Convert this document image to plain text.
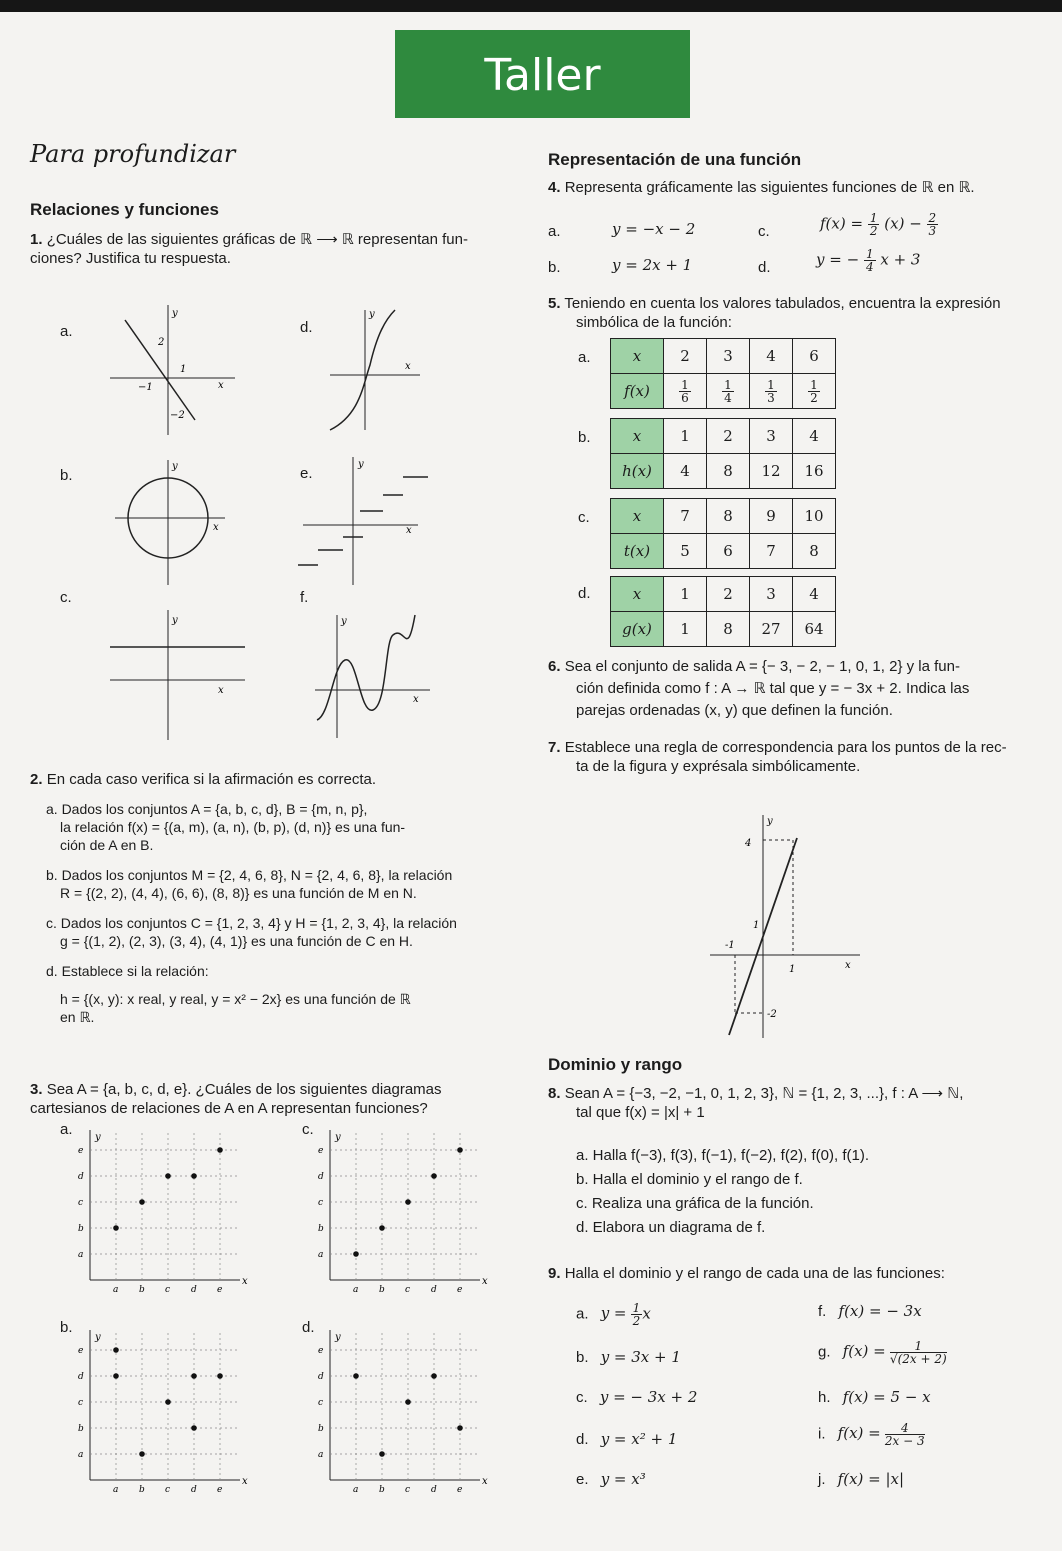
Taller
Para profundizar
Relaciones y funciones
1. ¿Cuáles de las siguientes gráficas de ℝ ⟶ ℝ representan fun-
ciones? Justifica tu respuesta.
a.
b.
c.
d.
e.
f.
y
x
2
1
−1
−2
y
x
y
x
y
x
y
x
y
x
2. En cada caso verifica si la afirmación es correcta.
a. Dados los conjuntos A = {a, b, c, d}, B = {m, n, p},
la relación f(x) = {(a, m), (a, n), (b, p), (d, n)} es una fun-
ción de A en B.
b. Dados los conjuntos M = {2, 4, 6, 8}, N = {2, 4, 6, 8}, la relación
R = {(2, 2), (4, 4), (6, 6), (8, 8)} es una función de M en N.
c. Dados los conjuntos C = {1, 2, 3, 4} y H = {1, 2, 3, 4}, la relación
g = {(1, 2), (2, 3), (3, 4), (4, 1)} es una función de C en H.
d. Establece si la relación:
h = {(x, y): x real, y real, y = x² − 2x} es una función de ℝ
en ℝ.
3. Sea A = {a, b, c, d, e}. ¿Cuáles de los siguientes diagramas
cartesianos de relaciones de A en A representan funciones?
a.
b.
c.
d.
a
a
b
b
c
c
d
d
e
e
y
x
a
a
b
b
c
c
d
d
e
e
y
x
a
a
b
b
c
c
d
d
e
e
y
x
a
a
b
b
c
c
d
d
e
e
y
x
Representación de una función
4. Representa gráficamente las siguientes funciones de ℝ en ℝ.
a.	y = −x − 2	c.	$f(x) = \frac{1}{2} (x) - \frac{2}{3}$
b.	y = 2x + 1	d.	y = − $\frac{1}{4}$ x + 3
5. Teniendo en cuenta los valores tabulados, encuentra la expresión
simbólica de la función:
a.	x	2	3	4	6
f(x)	$\frac{1}{6}$	$\frac{1}{4}$	$\frac{1}{3}$	$\frac{1}{2}$
b.	x	1	2	3	4
h(x)	4	8	12	16
c.	x	7	8	9	10
t(x)	5	6	7	8
d.	x	1	2	3	4
g(x)	1	8	27	64
6. Sea el conjunto de salida A = {− 3, − 2, − 1, 0, 1, 2} y la fun-
ción definida como f : A → ℝ tal que y = − 3x + 2. Indica las
parejas ordenadas (x, y) que definen la función.
7. Establece una regla de correspondencia para los puntos de la rec-
ta de la figura y exprésala simbólicamente.
y
x
4
1
-1
1
-2
Dominio y rango
8. Sean A = {−3, −2, −1, 0, 1, 2, 3}, ℕ = {1, 2, 3, ...}, f : A ⟶ ℕ,
tal que f(x) = |x| + 1
a. Halla f(−3), f(3), f(−1), f(−2), f(2), f(0), f(1).
b. Halla el dominio y el rango de f.
c. Realiza una gráfica de la función.
d. Elabora un diagrama de f.
9. Halla el dominio y el rango de cada una de las funciones:
a. $y = \frac{1}{2}$ x	f. f(x) = − 3x
b. y = 3x + 1	g. $f(x) = \frac{1}{√(2x + 2)}$
c. y = − 3x + 2	h. f(x) = 5 − x
d. y = x² + 1	i. $f(x) = \frac{4}{2x - 3}$
e. y = x³	j. f(x) = |x|
